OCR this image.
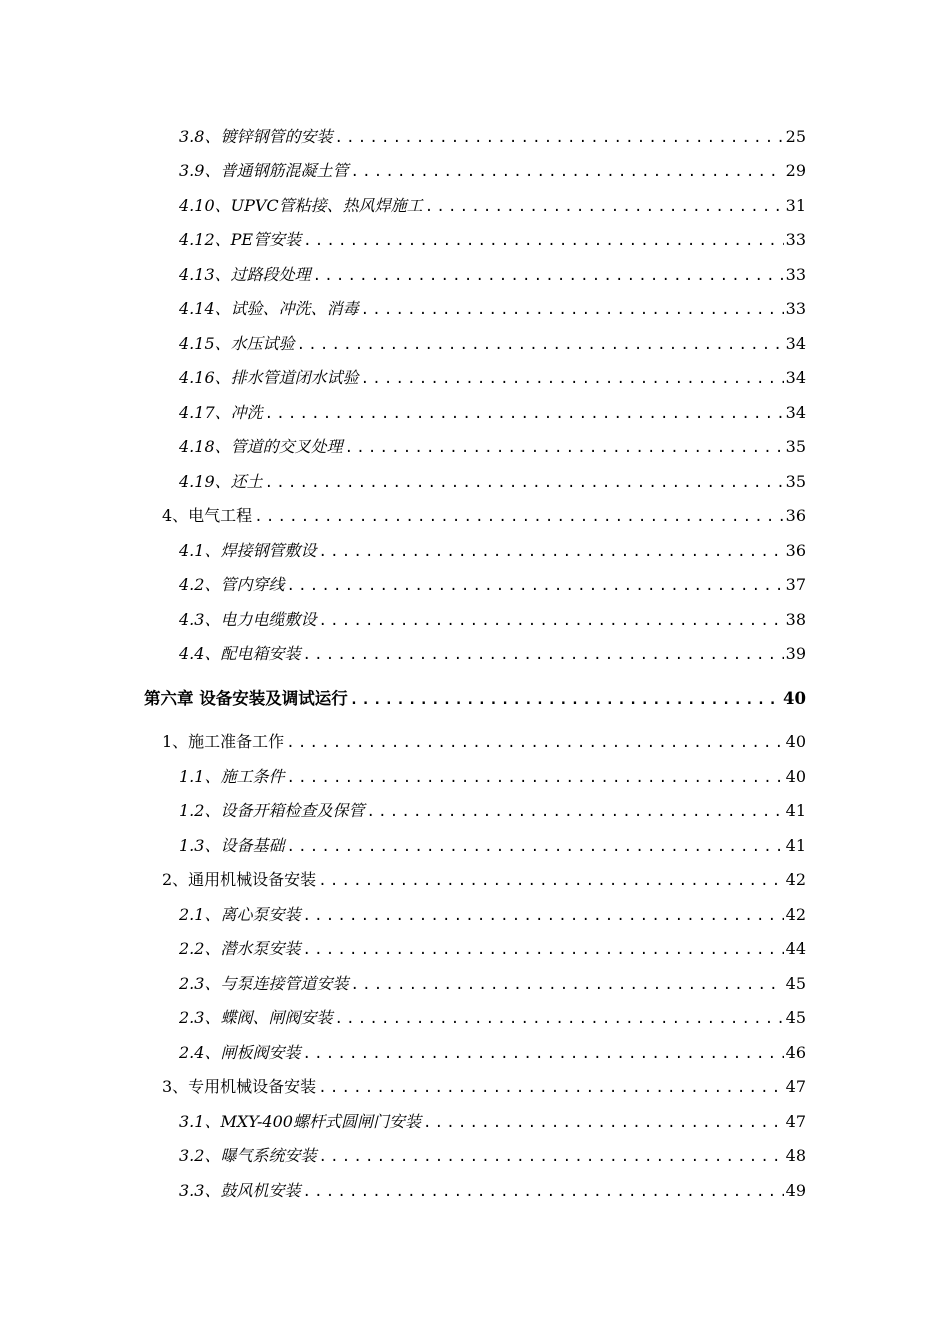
3.8、镀锌钢管的安装 .....	25
3.9、普通钢筋混凝土管 .....	29
4.10、UPVC管粘接、热风焊施工 .....	31
4.12、PE管安装 .....	33
4.13、过路段处理 .....	33
4.14、试验、冲洗、消毒 .....	33
4.15、水压试验 .....	34
4.16、排水管道闭水试验 .....	34
4.17、冲洗 .....	34
4.18、管道的交叉处理 .....	35
4.19、还土 .....	35
4、电气工程 .....	36
4.1、焊接钢管敷设 .....	36
4.2、管内穿线 .....	37
4.3、电力电缆敷设 .....	38
4.4、配电箱安装 .....	39
第六章 设备安装及调试运行 .....	40
1、施工准备工作 .....	40
1.1、施工条件 .....	40
1.2、设备开箱检查及保管 .....	41
1.3、设备基础 .....	41
2、通用机械设备安装 .....	42
2.1、离心泵安装 .....	42
2.2、潜水泵安装 .....	44
2.3、与泵连接管道安装 .....	45
2.3、蝶阀、闸阀安装 .....	45
2.4、闸板阀安装 .....	46
3、专用机械设备安装 .....	47
3.1、MXY-400螺杆式圆闸门安装 .....	47
3.2、曝气系统安装 .....	48
3.3、鼓风机安装 .....	49
